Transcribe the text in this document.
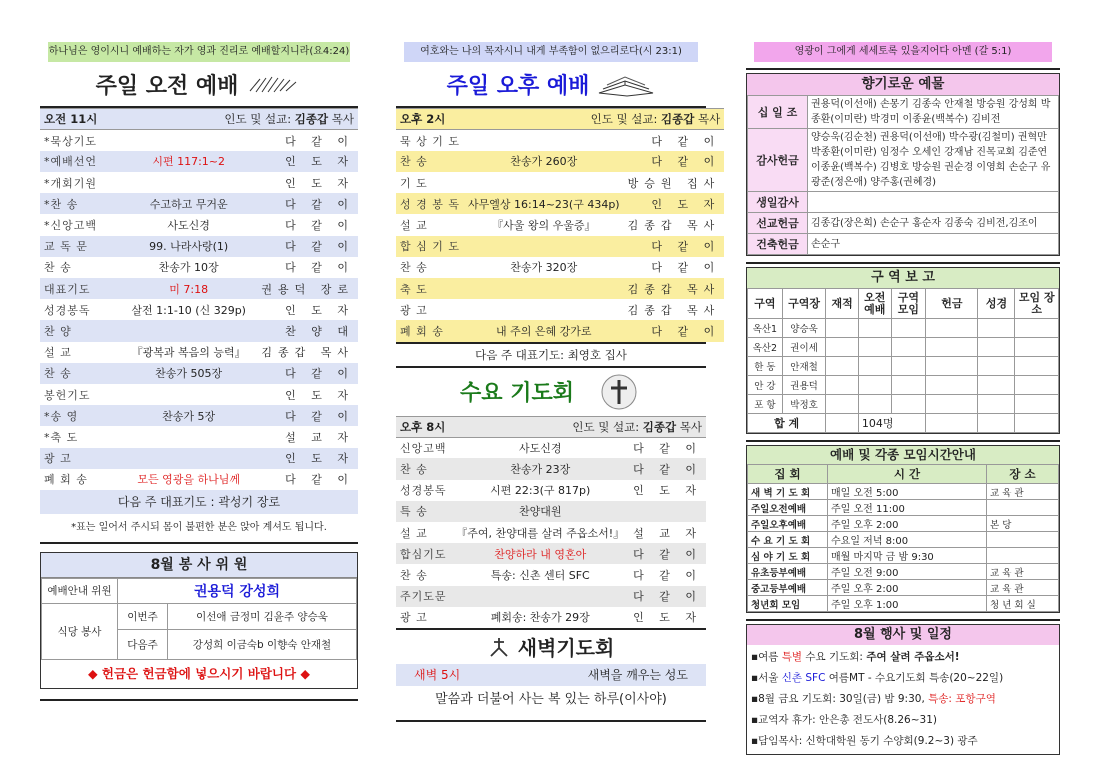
하나님은 영이시니 예배하는 자가 영과 진리로 예배할지니라(요4:24)
주일 오전 예배
오전 11시	인도 및 설교: 김종갑 목사	
*묵상기도		다 같 이
*예배선언	시편 117:1~2	인 도 자
*개회기원		인 도 자
*찬 송	수고하고 무거운	다 같 이
*신앙고백	사도신경	다 같 이
교 독 문	99. 나라사랑(1)	다 같 이
찬 송	찬송가 10장	다 같 이
대표기도	미 7:18	권용덕 장로
성경봉독	살전 1:1-10 (신 329p)	인 도 자
찬 양		찬 양 대
설 교	『광복과 복음의 능력』	김종갑 목사
찬 송	찬송가 505장	다 같 이
봉헌기도		인 도 자
*송 영	찬송가 5장	다 같 이
*축 도		설 교 자
광 고		인 도 자
폐 회 송	모든 영광을 하나님께	다 같 이
다음 주 대표기도 : 곽성기 장로
*표는 일어서 주시되 몸이 불편한 분은 앉아 계셔도 됩니다.
8월 봉 사 위 원
예배안내 위원	권용덕 강성희	
식당 봉사	이번주	이선애 금정미 김윤주 양승욱
	다음주	강성희 이금숙b 이향숙 안재철
◆ 헌금은 헌금함에 넣으시기 바랍니다 ◆
여호와는 나의 목자시니 내게 부족함이 없으리로다(시 23:1)
주일 오후 예배
오후 2시	인도 및 설교: 김종갑 목사	
묵 상 기 도		다 같 이
찬 송	찬송가 260장	다 같 이
기 도		방승원 집사
성 경 봉 독	사무엘상 16:14~23(구 434p)	인 도 자
설 교	『사울 왕의 우울증』	김종갑 목사
합 심 기 도		다 같 이
찬 송	찬송가 320장	다 같 이
축 도		김종갑 목사
광 고		김종갑 목사
폐 회 송	내 주의 은혜 강가로	다 같 이
다음 주 대표기도: 최영호 집사
수요 기도회
오후 8시	인도 및 설교: 김종갑 목사	
신앙고백	사도신경	다 같 이
찬 송	찬송가 23장	다 같 이
성경봉독	시편 22:3(구 817p)	인 도 자
특 송	찬양대원	
설 교	『주여, 찬양대를 살려 주옵소서!』	설 교 자
합심기도	찬양하라 내 영혼아	다 같 이
찬 송	특송: 신촌 센터 SFC	다 같 이
주기도문		다 같 이
광 고	폐회송: 찬송가 29장	인 도 자
새벽기도회
새벽 5시	새벽을 깨우는 성도
말씀과 더불어 사는 복 있는 하루(이사야)
영광이 그에게 세세토록 있을지어다 아멘 (갈 5:1)
향기로운 예물
십 일 조	권용덕(이선애) 손몽기 김종숙 안재철 방승원 강성희 박종환(이미란) 박경미 이종윤(백복수) 김비전
감사헌금	양승욱(김순천) 권용덕(이선애) 박수광(김철미) 권혁만 박종환(이미란) 임정수 오세인 강재남 진목교회 김준연 이종윤(백복수) 김병호 방승원 권순경 이영희 손순구 유광준(정은애) 양주홍(권혜경)
생일감사	
선교헌금	김종갑(장은희) 손순구 홍순자 김종숙 김비전,김조이
건축헌금	손순구
구 역 보 고
구역	구역장	재적	오전 예배	구역 모임	헌금	성경	모임 장소
옥산1	양승욱						
옥산2	권이세						
한 동	안재철						
안 강	권용덕						
포 항	박정호						
합 계			104명				
예배 및 각종 모임시간안내
집 회	시 간	장 소
새 벽 기 도 회	매일 오전 5:00	교 육 관
주일오전예배	주일 오전 11:00	
주일오후예배	주일 오후 2:00	본 당
수 요 기 도 회	수요일 저녁 8:00	
심 야 기 도 회	매월 마지막 금 밤 9:30	
유초등부예배	주일 오전 9:00	교 육 관
중고등부예배	주일 오후 2:00	교 육 관
청년회 모임	주일 오후 1:00	청 년 회 실
8월 행사 및 일정
▪여름 특별 수요 기도회: 주여 살려 주옵소서!
▪서울 신촌 SFC 여름MT - 수요기도회 특송(20~22일)
▪8월 금요 기도회: 30일(금) 밤 9:30, 특송: 포항구역
▪교역자 휴가: 안은총 전도사(8.26~31)
▪담임목사: 신학대학원 동기 수양회(9.2~3) 광주
